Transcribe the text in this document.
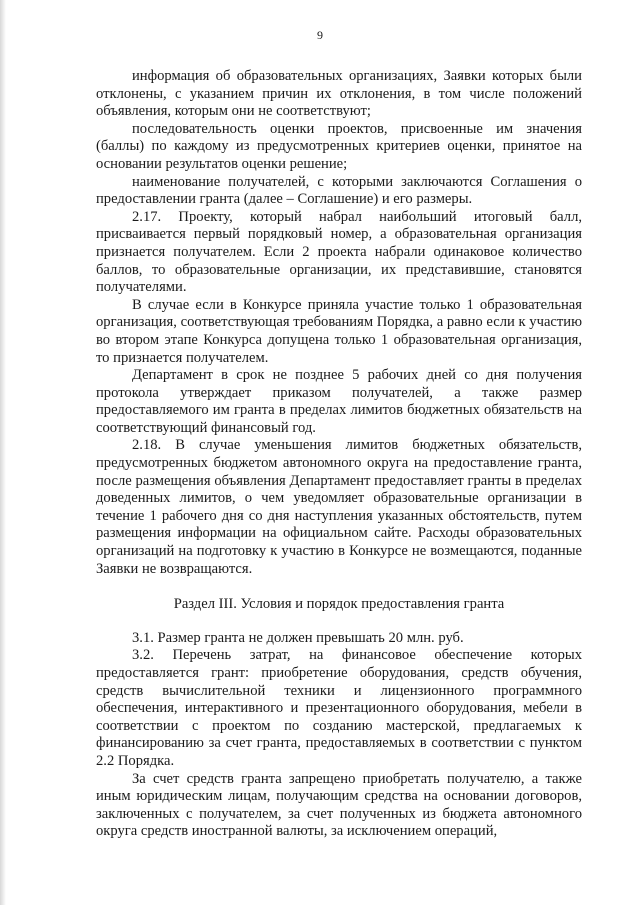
9

информация об образовательных организациях, Заявки которых были отклонены, с указанием причин их отклонения, в том числе положений объявления, которым они не соответствуют;

последовательность оценки проектов, присвоенные им значения (баллы) по каждому из предусмотренных критериев оценки, принятое на основании результатов оценки решение;

наименование получателей, с которыми заключаются Соглашения о предоставлении гранта (далее – Соглашение) и его размеры.

2.17. Проекту, который набрал наибольший итоговый балл, присваивается первый порядковый номер, а образовательная организация признается получателем. Если 2 проекта набрали одинаковое количество баллов, то образовательные организации, их представившие, становятся получателями.

В случае если в Конкурсе приняла участие только 1 образовательная организация, соответствующая требованиям Порядка, а равно если к участию во втором этапе Конкурса допущена только 1 образовательная организация, то признается получателем.

Департамент в срок не позднее 5 рабочих дней со дня получения протокола утверждает приказом получателей, а также размер предоставляемого им гранта в пределах лимитов бюджетных обязательств на соответствующий финансовый год.

2.18. В случае уменьшения лимитов бюджетных обязательств, предусмотренных бюджетом автономного округа на предоставление гранта, после размещения объявления Департамент предоставляет гранты в пределах доведенных лимитов, о чем уведомляет образовательные организации в течение 1 рабочего дня со дня наступления указанных обстоятельств, путем размещения информации на официальном сайте. Расходы образовательных организаций на подготовку к участию в Конкурсе не возмещаются, поданные Заявки не возвращаются.

Раздел III. Условия и порядок предоставления гранта

3.1. Размер гранта не должен превышать 20 млн. руб.

3.2. Перечень затрат, на финансовое обеспечение которых предоставляется грант: приобретение оборудования, средств обучения, средств вычислительной техники и лицензионного программного обеспечения, интерактивного и презентационного оборудования, мебели в соответствии с проектом по созданию мастерской, предлагаемых к финансированию за счет гранта, предоставляемых в соответствии с пунктом 2.2 Порядка.

За счет средств гранта запрещено приобретать получателю, а также иным юридическим лицам, получающим средства на основании договоров, заключенных с получателем, за счет полученных из бюджета автономного округа средств иностранной валюты, за исключением операций,
